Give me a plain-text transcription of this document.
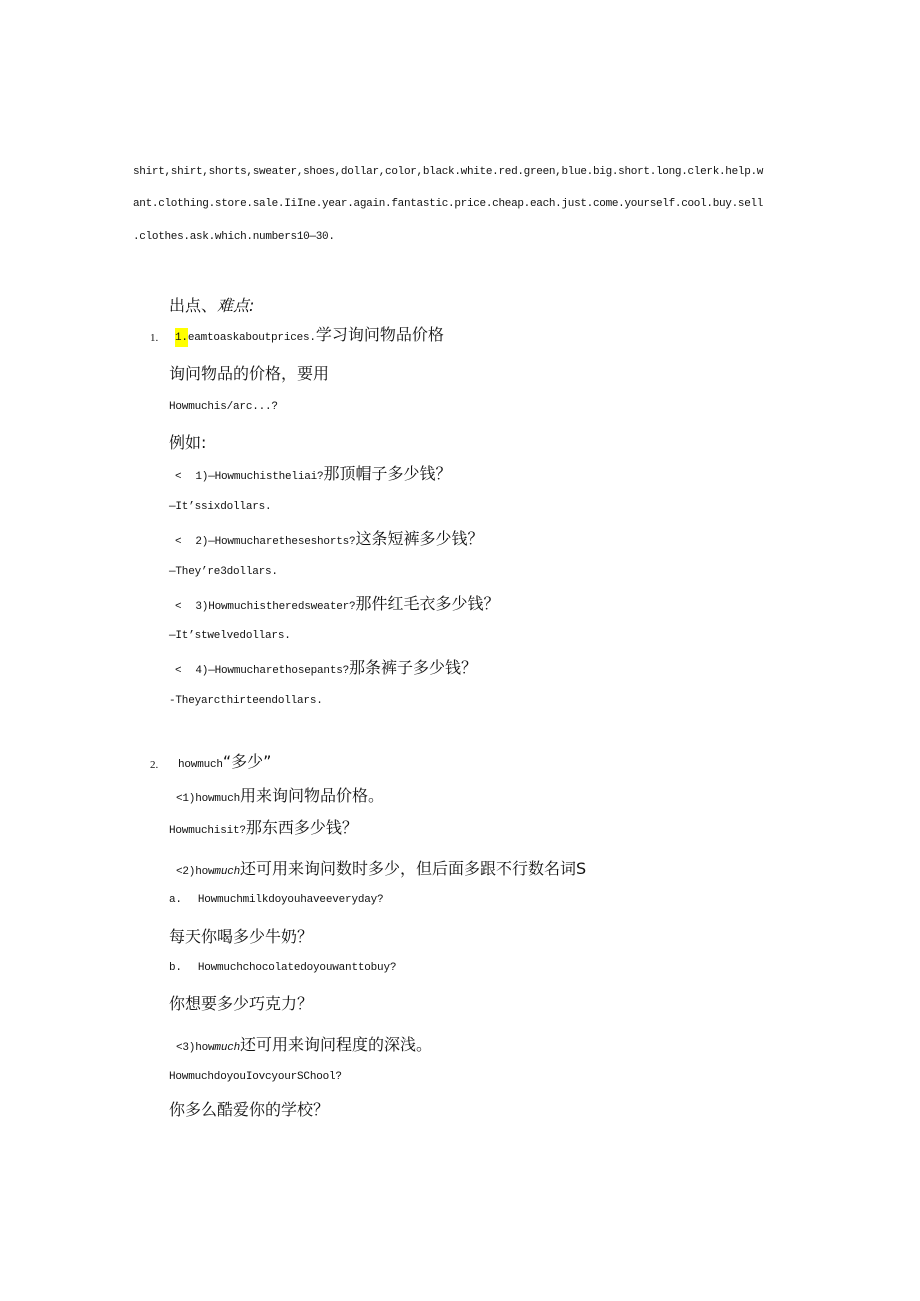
shirt,shirt,shorts,sweater,shoes,dollar,color,black.white.red.green,blue.big.short.long.clerk.help.w
ant.clothing.store.sale.IiIne.year.again.fantastic.price.cheap.each.just.come.yourself.cool.buy.sell
.clothes.ask.which.numbers10—30.
出点、难点:
1. 1.eamtoaskaboutprices.学习询问物品价格
询问物品的价格，要用
Howmuchis/arc...?
例如:
< 1)—Howmuchisthelіai?那顶帽子多少钱？
—It’ssixdollars.
< 2)—Howmucharetheseshorts?这条短裤多少钱？
—They’re3dollars.
< 3)Howmuchistheredsweater?那件红毛衣多少钱？
—It’stwelvedollars.
< 4)—Howmucharethosepants?那条裤子多少钱？
-Theyarcthirteendollars.
2. howmuch“多少”
<1)howmuch用来询问物品价格。
Howmuchisit?那东西多少钱？
<2)howmuch还可用来询问数时多少，但后面多跟不行数名词S
a. Howmuchmilkdoyouhaveeveryday?
每天你喝多少牛奶？
b. Howmuchchocolatedoyouwanttobuy?
你想要多少巧克力？
<3)howmuch还可用来询问程度的深浅。
HowmuchdoyouIovcyourSChool?
你多么酷爱你的学校？
